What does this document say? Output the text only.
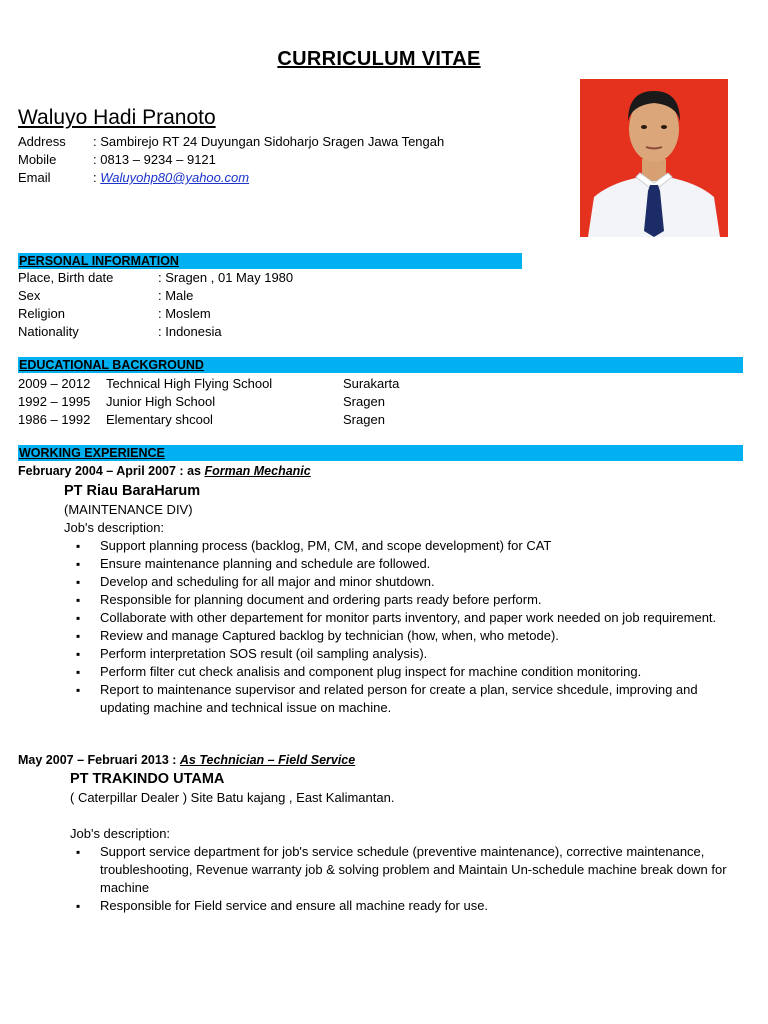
CURRICULUM VITAE
Waluyo Hadi Pranoto
Address : Sambirejo RT 24 Duyungan Sidoharjo Sragen Jawa Tengah
Mobile	: 0813 – 9234 – 9121
Email	: Waluyohp80@yahoo.com
PERSONAL INFORMATION
Place, Birth date	: Sragen , 01 May 1980
Sex	: Male
Religion	: Moslem
Nationality	: Indonesia
EDUCATIONAL BACKGROUND
2009 – 2012 Technical High Flying School	Surakarta
1992 – 1995 Junior High School	Sragen
1986 – 1992 Elementary shcool	Sragen
WORKING EXPERIENCE
February 2004 – April 2007 : as Forman Mechanic
PT Riau BaraHarum
(MAINTENANCE DIV)
Job's description:
▪ Support planning process (backlog, PM, CM, and scope development) for CAT
▪ Ensure maintenance planning and schedule are followed.
▪ Develop and scheduling for all major and minor shutdown.
▪ Responsible for planning document and ordering parts ready before perform.
▪ Collaborate with other departement for monitor parts inventory, and paper work needed on job requirement.
▪ Review and manage Captured backlog by technician (how, when, who metode).
▪ Perform interpretation SOS result (oil sampling analysis).
▪ Perform filter cut check analisis and component plug inspect for machine condition monitoring.
▪ Report to maintenance supervisor and related person for create a plan, service shcedule, improving and updating machine and technical issue on machine.
May 2007 – Februari 2013 : As Technician – Field Service
PT TRAKINDO UTAMA
( Caterpillar Dealer ) Site Batu kajang , East Kalimantan.
Job's description:
▪ Support service department for job's service schedule (preventive maintenance), corrective maintenance, troubleshooting, Revenue warranty job & solving problem and Maintain Un-schedule machine break down for machine
▪ Responsible for Field service and ensure all machine ready for use.
